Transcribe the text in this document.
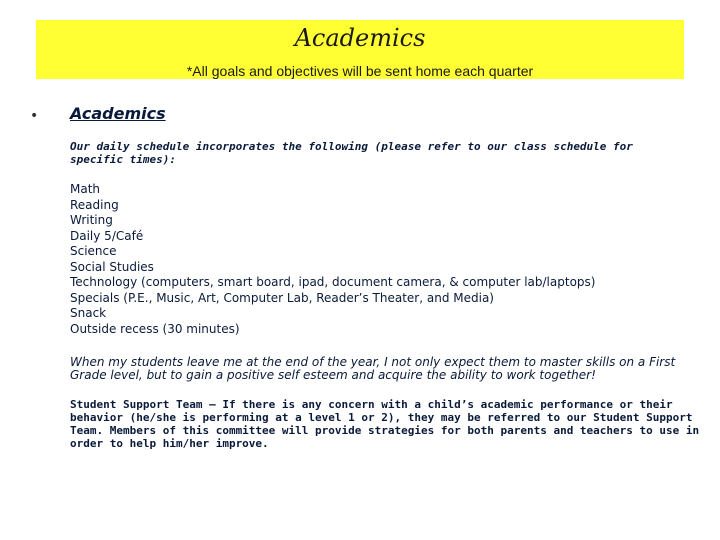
Academics
*All goals and objectives will be sent home each quarter
• Academics
Our daily schedule incorporates the following (please refer to our class schedule for specific times):
Math
Reading
Writing
Daily 5/Café
Science
Social Studies
Technology (computers, smart board, ipad, document camera, & computer lab/laptops)
Specials (P.E., Music, Art, Computer Lab, Reader’s Theater, and Media)
Snack
Outside recess (30 minutes)
When my students leave me at the end of the year, I not only expect them to master skills on a First Grade level, but to gain a positive self esteem and acquire the ability to work together!
Student Support Team – If there is any concern with a child’s academic performance or their behavior (he/she is performing at a level 1 or 2), they may be referred to our Student Support Team. Members of this committee will provide strategies for both parents and teachers to use in order to help him/her improve.
